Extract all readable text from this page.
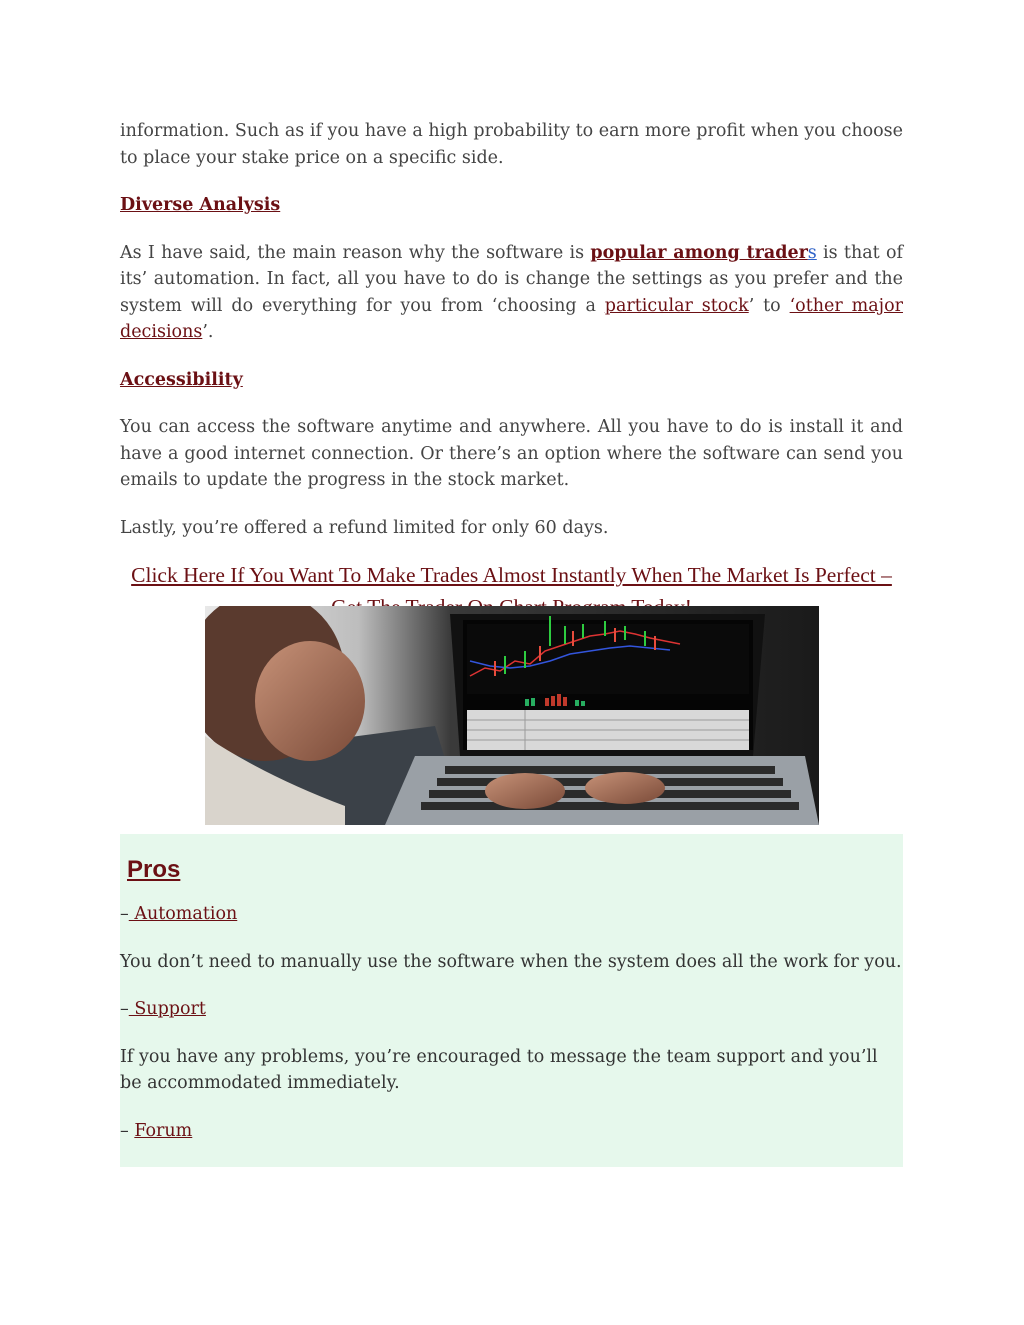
information. Such as if you have a high probability to earn more profit when you choose to place your stake price on a specific side.

Diverse Analysis

As I have said, the main reason why the software is popular among traders is that of its’ automation. In fact, all you have to do is change the settings as you prefer and the system will do everything for you from ‘choosing a particular stock’ to ‘other major decisions’.

Accessibility

You can access the software anytime and anywhere. All you have to do is install it and have a good internet connection. Or there’s an option where the software can send you emails to update the progress in the stock market.

Lastly, you’re offered a refund limited for only 60 days.

Click Here If You Want To Make Trades Almost Instantly When The Market Is Perfect –
Pros

– Automation

You don’t need to manually use the software when the system does all the work for you.

– Support

If you have any problems, you’re encouraged to message the team support and you’ll be accommodated immediately.

– Forum
